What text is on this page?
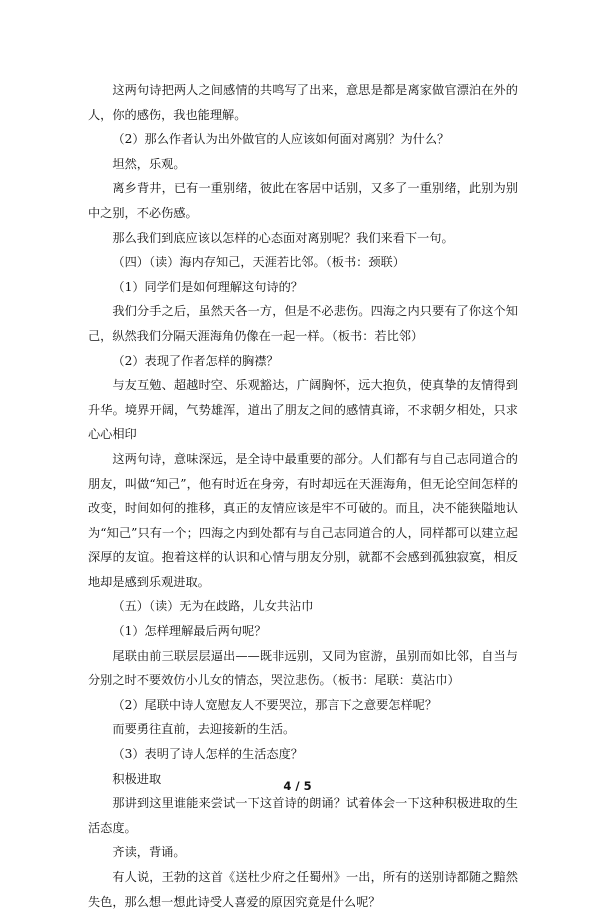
这两句诗把两人之间感情的共鸣写了出来，意思是都是离家做官漂泊在外的人，你的感伤，我也能理解。

（2）那么作者认为出外做官的人应该如何面对离别？为什么？

坦然，乐观。

离乡背井，已有一重别绪，彼此在客居中话别，又多了一重别绪，此别为别中之别，不必伤感。

那么我们到底应该以怎样的心态面对离别呢？我们来看下一句。

（四）（读）海内存知己，天涯若比邻。（板书：颈联）

（1）同学们是如何理解这句诗的？

我们分手之后，虽然天各一方，但是不必悲伤。四海之内只要有了你这个知己，纵然我们分隔天涯海角仍像在一起一样。（板书：若比邻）

（2）表现了作者怎样的胸襟？

与友互勉、超越时空、乐观豁达，广阔胸怀，远大抱负，使真挚的友情得到升华。境界开阔，气势雄浑，道出了朋友之间的感情真谛，不求朝夕相处，只求心心相印

这两句诗，意味深远，是全诗中最重要的部分。人们都有与自己志同道合的朋友，叫做“知己”，他有时近在身旁，有时却远在天涯海角，但无论空间怎样的改变，时间如何的推移，真正的友情应该是牢不可破的。而且，决不能狭隘地认为“知己”只有一个；四海之内到处都有与自己志同道合的人，同样都可以建立起深厚的友谊。抱着这样的认识和心情与朋友分别，就都不会感到孤独寂寞，相反地却是感到乐观进取。

（五）（读）无为在歧路，儿女共沾巾

（1）怎样理解最后两句呢？

尾联由前三联层层逼出——既非远别，又同为宦游，虽别而如比邻，自当与分别之时不要效仿小儿女的情态，哭泣悲伤。（板书：尾联：莫沾巾）

（2）尾联中诗人宽慰友人不要哭泣，那言下之意要怎样呢？

而要勇往直前，去迎接新的生活。

（3）表明了诗人怎样的生活态度？

积极进取

那讲到这里谁能来尝试一下这首诗的朗诵？试着体会一下这种积极进取的生活态度。

齐读，背诵。

有人说，王勃的这首《送杜少府之任蜀州》一出，所有的送别诗都随之黯然失色，那么想一想此诗受人喜爱的原因究竟是什么呢？

4 / 5
